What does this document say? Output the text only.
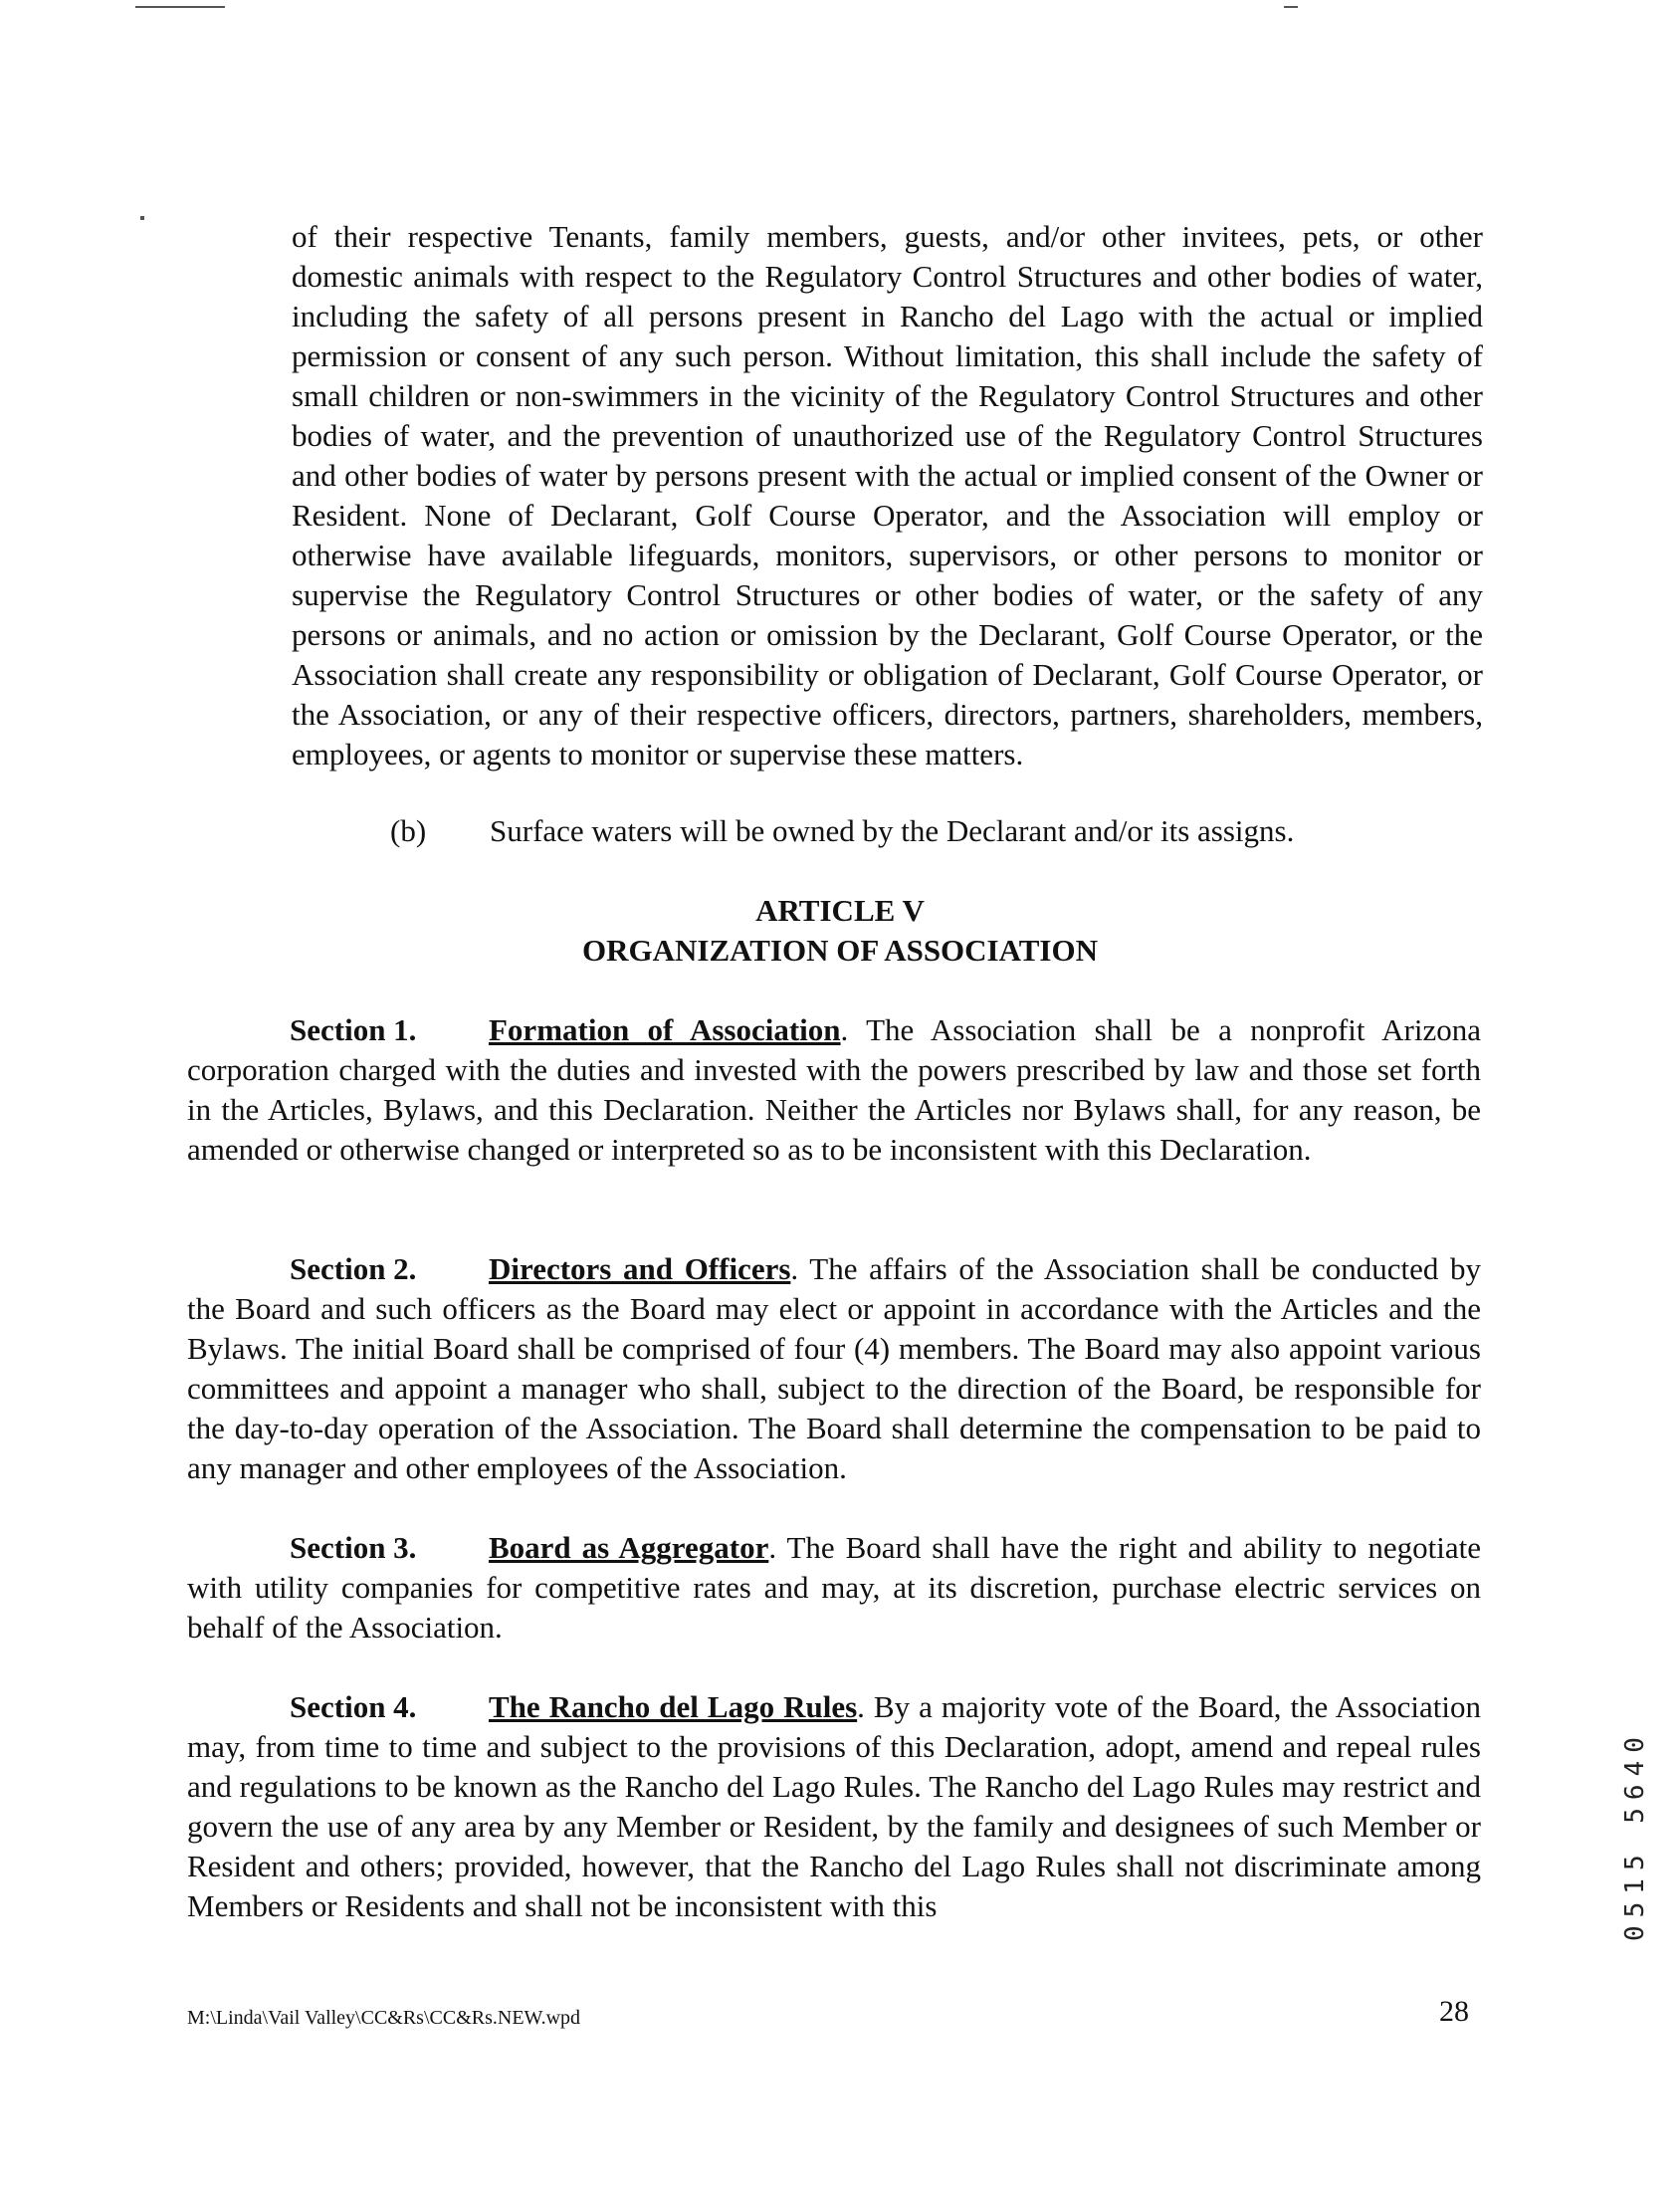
of their respective Tenants, family members, guests, and/or other invitees, pets, or other domestic animals with respect to the Regulatory Control Structures and other bodies of water, including the safety of all persons present in Rancho del Lago with the actual or implied permission or consent of any such person. Without limitation, this shall include the safety of small children or non-swimmers in the vicinity of the Regulatory Control Structures and other bodies of water, and the prevention of unauthorized use of the Regulatory Control Structures and other bodies of water by persons present with the actual or implied consent of the Owner or Resident. None of Declarant, Golf Course Operator, and the Association will employ or otherwise have available lifeguards, monitors, supervisors, or other persons to monitor or supervise the Regulatory Control Structures or other bodies of water, or the safety of any persons or animals, and no action or omission by the Declarant, Golf Course Operator, or the Association shall create any responsibility or obligation of Declarant, Golf Course Operator, or the Association, or any of their respective officers, directors, partners, shareholders, members, employees, or agents to monitor or supervise these matters.

(b) Surface waters will be owned by the Declarant and/or its assigns.
ARTICLE V
ORGANIZATION OF ASSOCIATION

Section 1. Formation of Association. The Association shall be a nonprofit Arizona corporation charged with the duties and invested with the powers prescribed by law and those set forth in the Articles, Bylaws, and this Declaration. Neither the Articles nor Bylaws shall, for any reason, be amended or otherwise changed or interpreted so as to be inconsistent with this Declaration.

Section 2. Directors and Officers. The affairs of the Association shall be conducted by the Board and such officers as the Board may elect or appoint in accordance with the Articles and the Bylaws. The initial Board shall be comprised of four (4) members. The Board may also appoint various committees and appoint a manager who shall, subject to the direction of the Board, be responsible for the day-to-day operation of the Association. The Board shall determine the compensation to be paid to any manager and other employees of the Association.

Section 3. Board as Aggregator. The Board shall have the right and ability to negotiate with utility companies for competitive rates and may, at its discretion, purchase electric services on behalf of the Association.

Section 4. The Rancho del Lago Rules. By a majority vote of the Board, the Association may, from time to time and subject to the provisions of this Declaration, adopt, amend and repeal rules and regulations to be known as the Rancho del Lago Rules. The Rancho del Lago Rules may restrict and govern the use of any area by any Member or Resident, by the family and designees of such Member or Resident and others; provided, however, that the Rancho del Lago Rules shall not discriminate among Members or Residents and shall not be inconsistent with this	0515 5640
M:\Linda\Vail Valley\CC&Rs\CC&Rs.NEW.wpd	28
